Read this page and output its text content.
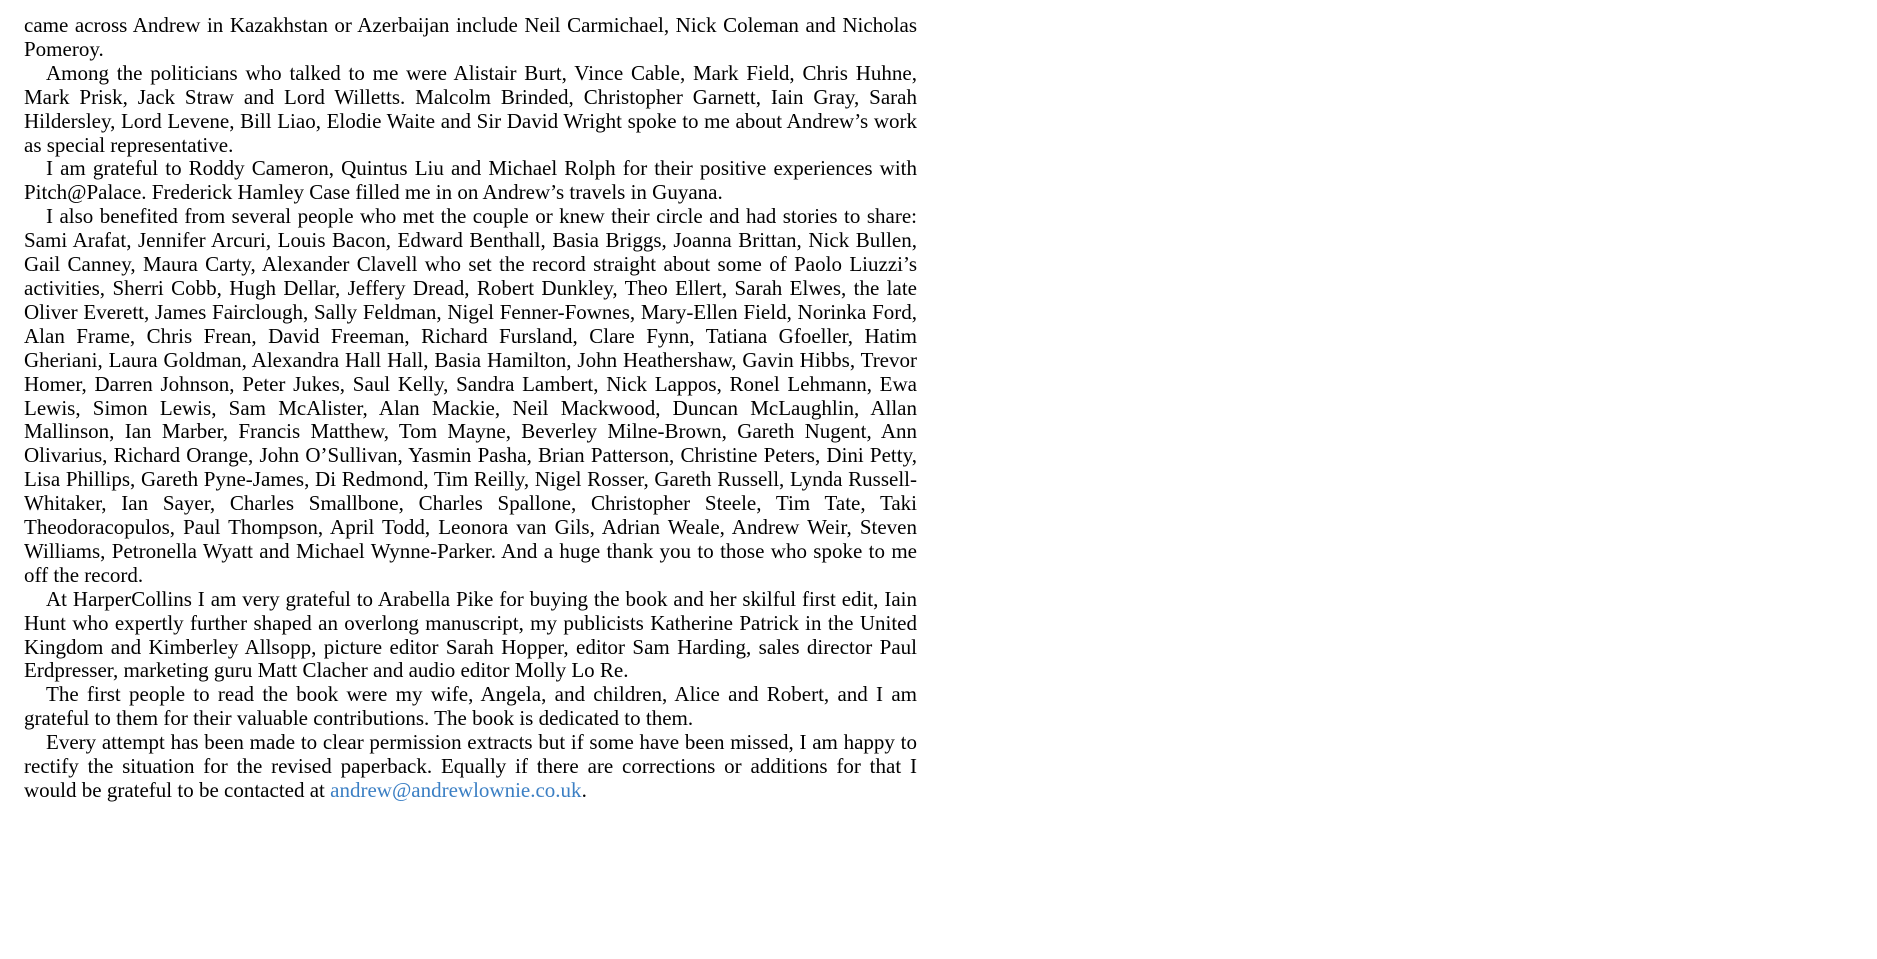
came across Andrew in Kazakhstan or Azerbaijan include Neil Carmichael, Nick Coleman and Nicholas Pomeroy.

Among the politicians who talked to me were Alistair Burt, Vince Cable, Mark Field, Chris Huhne, Mark Prisk, Jack Straw and Lord Willetts. Malcolm Brinded, Christopher Garnett, Iain Gray, Sarah Hildersley, Lord Levene, Bill Liao, Elodie Waite and Sir David Wright spoke to me about Andrew’s work as special representative.

I am grateful to Roddy Cameron, Quintus Liu and Michael Rolph for their positive experiences with Pitch@Palace. Frederick Hamley Case filled me in on Andrew’s travels in Guyana.

I also benefited from several people who met the couple or knew their circle and had stories to share: Sami Arafat, Jennifer Arcuri, Louis Bacon, Edward Benthall, Basia Briggs, Joanna Brittan, Nick Bullen, Gail Canney, Maura Carty, Alexander Clavell who set the record straight about some of Paolo Liuzzi’s activities, Sherri Cobb, Hugh Dellar, Jeffery Dread, Robert Dunkley, Theo Ellert, Sarah Elwes, the late Oliver Everett, James Fairclough, Sally Feldman, Nigel Fenner-Fownes, Mary-Ellen Field, Norinka Ford, Alan Frame, Chris Frean, David Freeman, Richard Fursland, Clare Fynn, Tatiana Gfoeller, Hatim Gheriani, Laura Goldman, Alexandra Hall Hall, Basia Hamilton, John Heathershaw, Gavin Hibbs, Trevor Homer, Darren Johnson, Peter Jukes, Saul Kelly, Sandra Lambert, Nick Lappos, Ronel Lehmann, Ewa Lewis, Simon Lewis, Sam McAlister, Alan Mackie, Neil Mackwood, Duncan McLaughlin, Allan Mallinson, Ian Marber, Francis Matthew, Tom Mayne, Beverley Milne-Brown, Gareth Nugent, Ann Olivarius, Richard Orange, John O’Sullivan, Yasmin Pasha, Brian Patterson, Christine Peters, Dini Petty, Lisa Phillips, Gareth Pyne-James, Di Redmond, Tim Reilly, Nigel Rosser, Gareth Russell, Lynda Russell-Whitaker, Ian Sayer, Charles Smallbone, Charles Spallone, Christopher Steele, Tim Tate, Taki Theodoracopulos, Paul Thompson, April Todd, Leonora van Gils, Adrian Weale, Andrew Weir, Steven Williams, Petronella Wyatt and Michael Wynne-Parker. And a huge thank you to those who spoke to me off the record.

At HarperCollins I am very grateful to Arabella Pike for buying the book and her skilful first edit, Iain Hunt who expertly further shaped an overlong manuscript, my publicists Katherine Patrick in the United Kingdom and Kimberley Allsopp, picture editor Sarah Hopper, editor Sam Harding, sales director Paul Erdpresser, marketing guru Matt Clacher and audio editor Molly Lo Re.

The first people to read the book were my wife, Angela, and children, Alice and Robert, and I am grateful to them for their valuable contributions. The book is dedicated to them.

Every attempt has been made to clear permission extracts but if some have been missed, I am happy to rectify the situation for the revised paperback. Equally if there are corrections or additions for that I would be grateful to be contacted at andrew@andrewlownie.co.uk.
